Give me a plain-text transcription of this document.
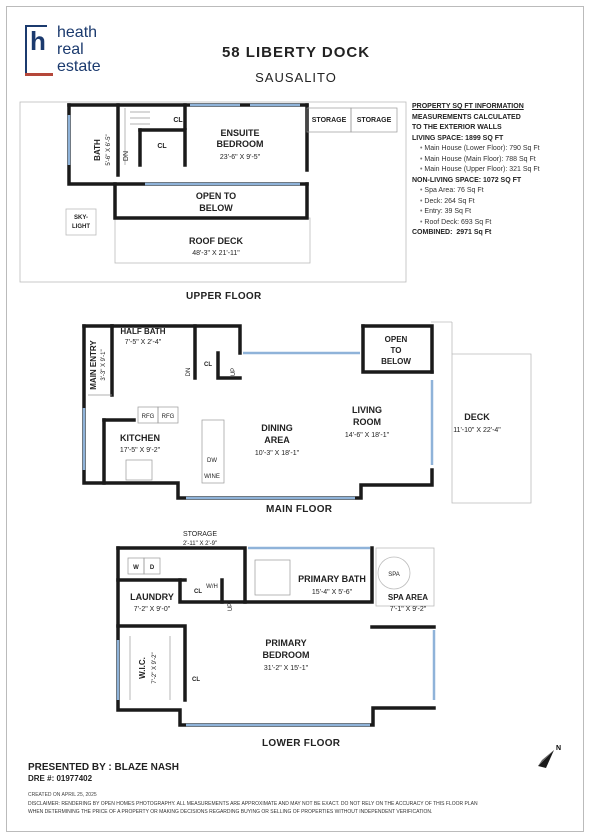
h heath
real
estate
58 LIBERTY DOCK
SAUSALITO
PROPERTY SQ FT INFORMATION
MEASUREMENTS CALCULATED
TO THE EXTERIOR WALLS
LIVING SPACE: 1899 SQ FT
• Main House (Lower Floor): 790 Sq Ft
• Main House (Main Floor): 788 Sq Ft
• Main House (Upper Floor): 321 Sq Ft
NON-LIVING SPACE: 1072 SQ FT
• Spa Area: 76 Sq Ft
• Deck: 264 Sq Ft
• Entry: 39 Sq Ft
• Roof Deck: 693 Sq Ft
COMBINED: 2971 Sq Ft
STORAGE STORAGE
CL
CL
DN
BATH 5'-6" X 6'-5"
ENSUITE
BEDROOM
23'-6" X 9'-5"
OPEN TO
BELOW
SKY-
LIGHT
ROOF DECK
48'-3" X 21'-11"
HALF BATH
7'-5" X 2'-4"
MAIN ENTRY 3'-3" X 9'-1"	DN	UP
CL
OPEN
TO
BELOW
RFG RFG
KITCHEN
17'-5" X 9'-2"
DW
WINE
DINING
AREA
10'-3" X 18'-1"
LIVING
ROOM
14'-6" X 18'-1"
DECK
11'-10" X 22'-4"
STORAGE
2'-11" X 2'-9"
W D
W/H
CL
CL
UP
LAUNDRY
7'-2" X 9'-0"
PRIMARY BATH
15'-4" X 5'-6"
SPA
SPA AREA
7'-1" X 9'-2"
W.I.C. 7'-2" X 9'-2"
PRIMARY
BEDROOM
31'-2" X 15'-1"
UPPER FLOOR
MAIN FLOOR
LOWER FLOOR
PRESENTED BY : BLAZE NASH
DRE #: 01977402
CREATED ON APRIL 25, 2025
DISCLAIMER: RENDERING BY OPEN HOMES PHOTOGRAPHY. ALL MEASUREMENTS ARE APPROXIMATE AND MAY NOT BE EXACT. DO NOT RELY ON THE ACCURACY OF THIS FLOOR PLAN
WHEN DETERMINING THE PRICE OF A PROPERTY OR MAKING DECISIONS REGARDING BUYING OR SELLING OF PROPERTIES WITHOUT INDEPENDENT VERIFICATION.
N
